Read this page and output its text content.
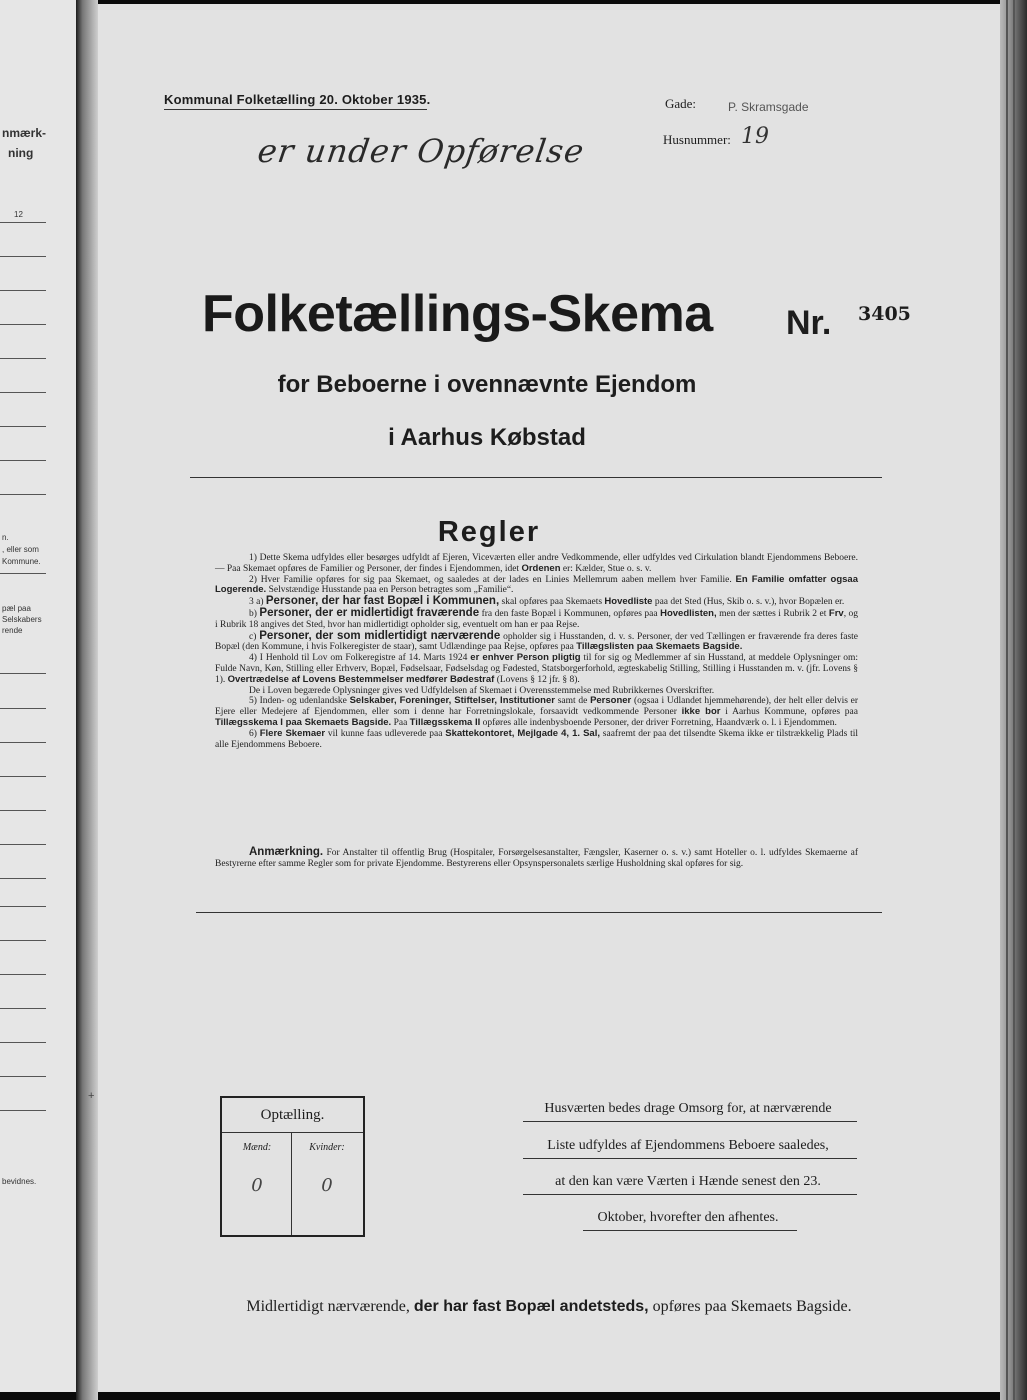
nmærk-
ning
12
n.
, eller som
Kommune.
pæl paa
Selskabers
rende
bevidnes.
Kommunal Folketælling 20. Oktober 1935.	Gade:	P. Skramsgade
Husnummer: 19
er under Opførelse
Folketællings-Skema Nr. 3405
for Beboerne i ovennævnte Ejendom
i Aarhus Købstad
Regler

1) Dette Skema udfyldes eller besørges udfyldt af Ejeren, Viceværten eller andre Vedkommende, eller udfyldes ved Cirkulation blandt Ejendommens Beboere. — Paa Skemaet opføres de Familier og Personer, der findes i Ejendommen, idet Ordenen er: Kælder, Stue o. s. v.

2) Hver Familie opføres for sig paa Skemaet, og saaledes at der lades en Linies Mellemrum aaben mellem hver Familie. En Familie omfatter ogsaa Logerende. Selvstændige Husstande paa en Person betragtes som „Familie“.

3 a) Personer, der har fast Bopæl i Kommunen, skal opføres paa Skemaets Hovedliste paa det Sted (Hus, Skib o. s. v.), hvor Bopælen er.

b) Personer, der er midlertidigt fraværende fra den faste Bopæl i Kommunen, opføres paa Hovedlisten, men der sættes i Rubrik 2 et Frv, og i Rubrik 18 angives det Sted, hvor han midlertidigt opholder sig, eventuelt om han er paa Rejse.

c) Personer, der som midlertidigt nærværende opholder sig i Husstanden, d. v. s. Personer, der ved Tællingen er fraværende fra deres faste Bopæl (den Kommune, i hvis Folkeregister de staar), samt Udlændinge paa Rejse, opføres paa Tillægslisten paa Skemaets Bagside.

4) I Henhold til Lov om Folkeregistre af 14. Marts 1924 er enhver Person pligtig til for sig og Medlemmer af sin Husstand, at meddele Oplysninger om: Fulde Navn, Køn, Stilling eller Erhverv, Bopæl, Fødselsaar, Fødselsdag og Fødested, Statsborgerforhold, ægteskabelig Stilling, Stilling i Husstanden m. v. (jfr. Lovens § 1). Overtrædelse af Lovens Bestemmelser medfører Bødestraf (Lovens § 12 jfr. § 8).

De i Loven begærede Oplysninger gives ved Udfyldelsen af Skemaet i Overensstemmelse med Rubrikkernes Overskrifter.

5) Inden- og udenlandske Selskaber, Foreninger, Stiftelser, Institutioner samt de Personer (ogsaa i Udlandet hjemmehørende), der helt eller delvis er Ejere eller Medejere af Ejendommen, eller som i denne har Forretningslokale, forsaavidt vedkommende Personer ikke bor i Aarhus Kommune, opføres paa Tillægsskema I paa Skemaets Bagside. Paa Tillægsskema II opføres alle indenbysboende Personer, der driver Forretning, Haandværk o. l. i Ejendommen.

6) Flere Skemaer vil kunne faas udleverede paa Skattekontoret, Mejlgade 4, 1. Sal, saafremt der paa det tilsendte Skema ikke er tilstrækkelig Plads til alle Ejendommens Beboere.

Anmærkning. For Anstalter til offentlig Brug (Hospitaler, Forsørgelsesanstalter, Fængsler, Kaserner o. s. v.) samt Hoteller o. l. udfyldes Skemaerne af Bestyrerne efter samme Regler som for private Ejendomme. Bestyrerens eller Opsynspersonalets særlige Husholdning skal opføres for sig.

+
Optælling.
Mænd:	Kvinder:
0	0
Husværten bedes drage Omsorg for, at nærværende
Liste udfyldes af Ejendommens Beboere saaledes,
at den kan være Værten i Hænde senest den 23.
Oktober, hvorefter den afhentes.
Midlertidigt nærværende, der har fast Bopæl andetsteds, opføres paa Skemaets Bagside.
